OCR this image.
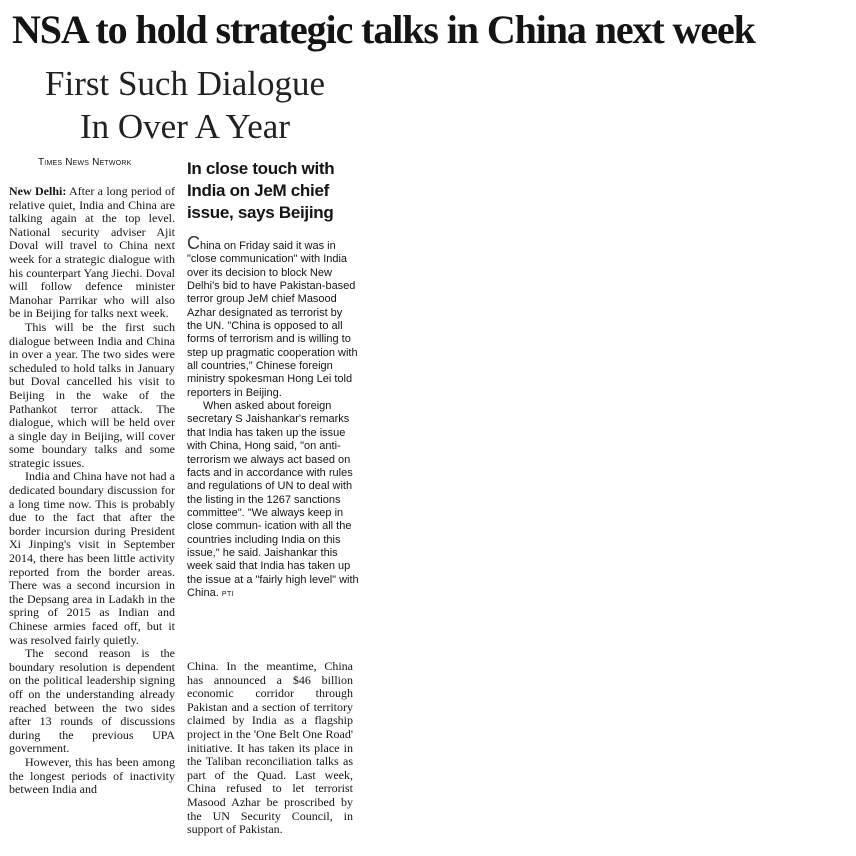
NSA to hold strategic talks in China next week
First Such Dialogue
In Over A Year
Times News Network

New Delhi: After a long period of relative quiet, India and China are talking again at the top level. National security adviser Ajit Doval will travel to China next week for a strategic dialogue with his counterpart Yang Jiechi. Doval will follow defence minister Manohar Parrikar who will also be in Beijing for talks next week.

This will be the first such dialogue between India and China in over a year. The two sides were scheduled to hold talks in January but Doval cancelled his visit to Beijing in the wake of the Pathankot terror attack. The dialogue, which will be held over a single day in Beijing, will cover some boundary talks and some strategic issues.

India and China have not had a dedicated boundary discussion for a long time now. This is probably due to the fact that after the border incursion during President Xi Jinping's visit in September 2014, there has been little activity reported from the border areas. There was a second incursion in the Depsang area in Ladakh in the spring of 2015 as Indian and Chinese armies faced off, but it was resolved fairly quietly.

The second reason is the boundary resolution is dependent on the political leadership signing off on the understanding already reached between the two sides after 13 rounds of discussions during the previous UPA government.

However, this has been among the longest periods of inactivity between India and

In close touch with India on JeM chief issue, says Beijing

China on Friday said it was in "close communication" with India over its decision to block New Delhi's bid to have Pakistan-based terror group JeM chief Masood Azhar designated as terrorist by the UN. "China is opposed to all forms of terrorism and is willing to step up pragmatic cooperation with all countries," Chinese foreign ministry spokesman Hong Lei told reporters in Beijing.

When asked about foreign secretary S Jaishankar's remarks that India has taken up the issue with China, Hong said, "on anti-terrorism we always act based on facts and in accordance with rules and regulations of UN to deal with the listing in the 1267 sanctions committee". "We always keep in close commun- ication with all the countries including India on this issue," he said. Jaishankar this week said that India has taken up the issue at a "fairly high level" with China. PTI

China. In the meantime, China has announced a $46 billion economic corridor through Pakistan and a section of territory claimed by India as a flagship project in the 'One Belt One Road' initiative. It has taken its place in the Taliban reconciliation talks as part of the Quad. Last week, China refused to let terrorist Masood Azhar be proscribed by the UN Security Council, in support of Pakistan.
